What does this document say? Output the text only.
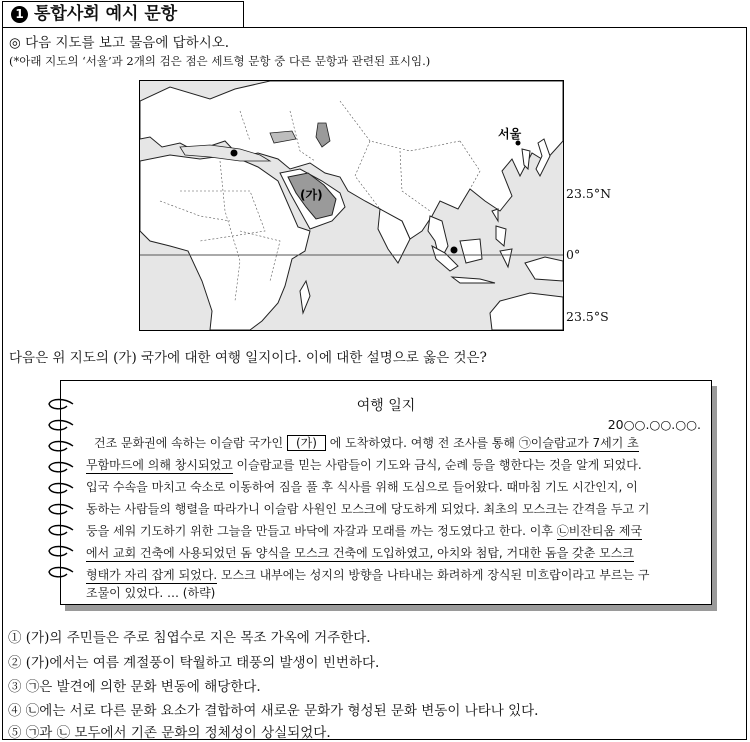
1 통합사회 예시 문항
◎ 다음 지도를 보고 물음에 답하시오.
(*아래 지도의 ‘서울’과 2개의 검은 점은 세트형 문항 중 다른 문항과 관련된 표시임.)
서울
(가)	23.5°N
0°
23.5°S
다음은 위 지도의 (가) 국가에 대한 여행 일지이다. 이에 대한 설명으로 옳은 것은?
여행 일지
20○○.○○.○○.
건조 문화권에 속하는 이슬람 국가인 (가) 에 도착하였다. 여행 전 조사를 통해 ㉠이슬람교가 7세기 초
무함마드에 의해 창시되었고 이슬람교를 믿는 사람들이 기도와 금식, 순례 등을 행한다는 것을 알게 되었다.
입국 수속을 마치고 숙소로 이동하여 짐을 풀 후 식사를 위해 도심으로 들어왔다. 때마침 기도 시간인지, 이
동하는 사람들의 행렬을 따라가니 이슬람 사원인 모스크에 당도하게 되었다. 최초의 모스크는 간격을 두고 기
둥을 세워 기도하기 위한 그늘을 만들고 바닥에 자갈과 모래를 까는 정도였다고 한다. 이후 ㉡비잔티움 제국
에서 교회 건축에 사용되었던 돔 양식을 모스크 건축에 도입하였고, 아치와 첨탑, 거대한 돔을 갖춘 모스크
형태가 자리 잡게 되었다. 모스크 내부에는 성지의 방향을 나타내는 화려하게 장식된 미흐랍이라고 부르는 구
조물이 있었다. … (하략)
① (가)의 주민들은 주로 침엽수로 지은 목조 가옥에 거주한다.
② (가)에서는 여름 계절풍이 탁월하고 태풍의 발생이 빈번하다.
③ ㉠은 발견에 의한 문화 변동에 해당한다.
④ ㉡에는 서로 다른 문화 요소가 결합하여 새로운 문화가 형성된 문화 변동이 나타나 있다.
⑤ ㉠과 ㉡ 모두에서 기존 문화의 정체성이 상실되었다.
